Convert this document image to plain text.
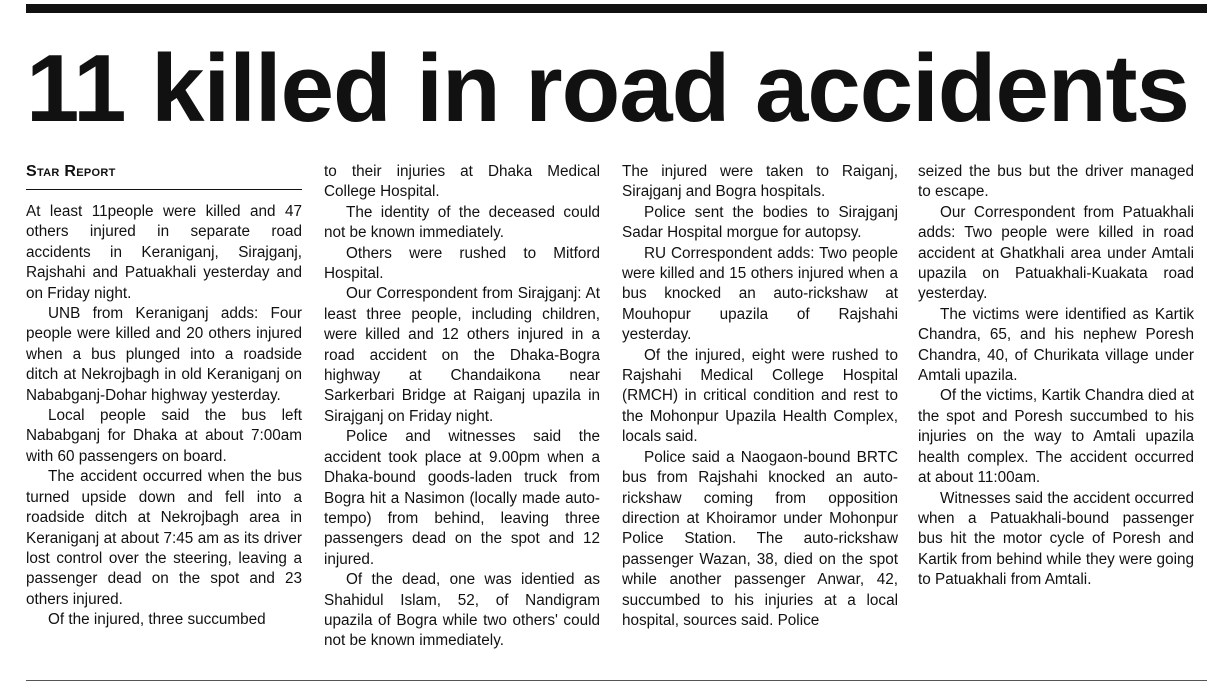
11 killed in road accidents
Star Report

At least 11people were killed and 47 others injured in separate road accidents in Keraniganj, Sirajganj, Rajshahi and Patuakhali yesterday and on Friday night.

UNB from Keraniganj adds: Four people were killed and 20 others injured when a bus plunged into a roadside ditch at Nekrojbagh in old Keraniganj on Nababganj-Dohar highway yesterday.

Local people said the bus left Nababganj for Dhaka at about 7:00am with 60 passengers on board.

The accident occurred when the bus turned upside down and fell into a roadside ditch at Nekrojbagh area in Keraniganj at about 7:45 am as its driver lost control over the steering, leaving a passenger dead on the spot and 23 others injured.

Of the injured, three succumbed

to their injuries at Dhaka Medical College Hospital.

The identity of the deceased could not be known immediately.

Others were rushed to Mitford Hospital.

Our Correspondent from Sirajganj: At least three people, including children, were killed and 12 others injured in a road accident on the Dhaka-Bogra highway at Chandaikona near Sarkerbari Bridge at Raiganj upazila in Sirajganj on Friday night.

Police and witnesses said the accident took place at 9.00pm when a Dhaka-bound goods-laden truck from Bogra hit a Nasimon (locally made auto-tempo) from behind, leaving three passengers dead on the spot and 12 injured.

Of the dead, one was identied as Shahidul Islam, 52, of Nandigram upazila of Bogra while two others' could not be known immediately.

The injured were taken to Raiganj, Sirajganj and Bogra hospitals.

Police sent the bodies to Sirajganj Sadar Hospital morgue for autopsy.

RU Correspondent adds: Two people were killed and 15 others injured when a bus knocked an auto-rickshaw at Mouhopur upazila of Rajshahi yesterday.

Of the injured, eight were rushed to Rajshahi Medical College Hospital (RMCH) in critical condition and rest to the Mohonpur Upazila Health Complex, locals said.

Police said a Naogaon-bound BRTC bus from Rajshahi knocked an auto-rickshaw coming from opposition direction at Khoiramor under Mohonpur Police Station. The auto-rickshaw passenger Wazan, 38, died on the spot while another passenger Anwar, 42, succumbed to his injuries at a local hospital, sources said. Police

seized the bus but the driver managed to escape.

Our Correspondent from Patuakhali adds: Two people were killed in road accident at Ghatkhali area under Amtali upazila on Patuakhali-Kuakata road yesterday.

The victims were identified as Kartik Chandra, 65, and his nephew Poresh Chandra, 40, of Churikata village under Amtali upazila.

Of the victims, Kartik Chandra died at the spot and Poresh succumbed to his injuries on the way to Amtali upazila health complex. The accident occurred at about 11:00am.

Witnesses said the accident occurred when a Patuakhali-bound passenger bus hit the motor cycle of Poresh and Kartik from behind while they were going to Patuakhali from Amtali.
